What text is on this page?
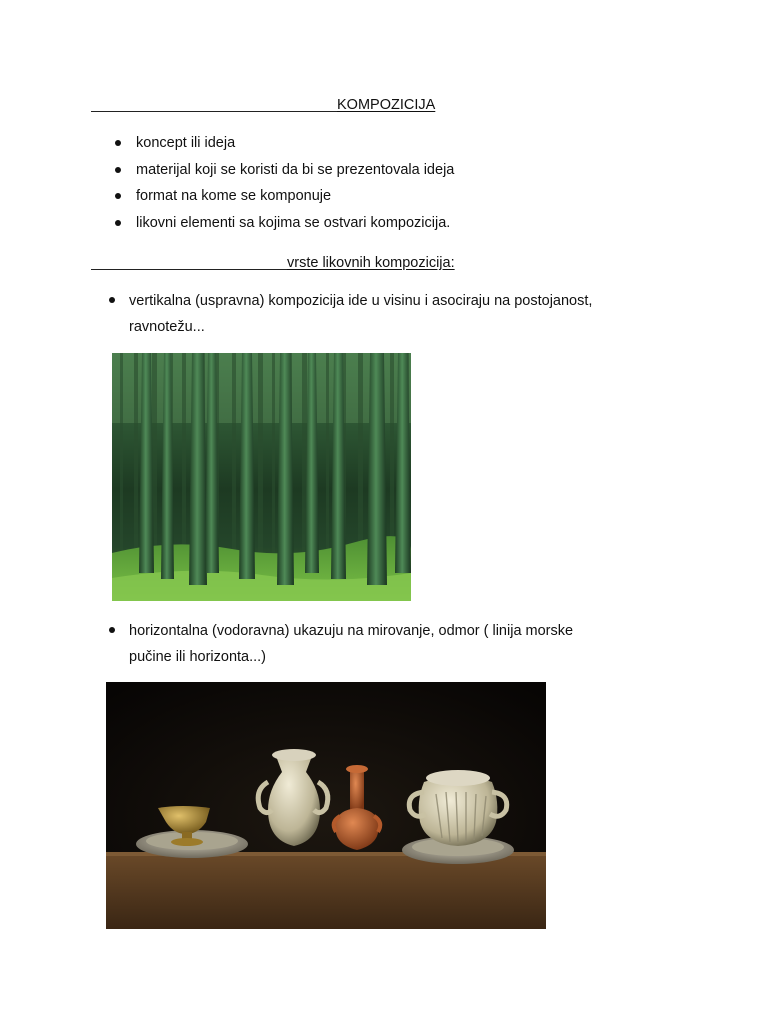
KOMPOZICIJA
koncept ili ideja
materijal koji se koristi da bi se prezentovala ideja
format na kome se komponuje
likovni elementi sa kojima se ostvari kompozicija.
vrste likovnih kompozicija:
vertikalna (uspravna) kompozicija ide u visinu i asociraju na postojanost,
ravnotežu...
horizontalna (vodoravna) ukazuju na mirovanje, odmor ( linija morske
pučine ili horizonta...)
